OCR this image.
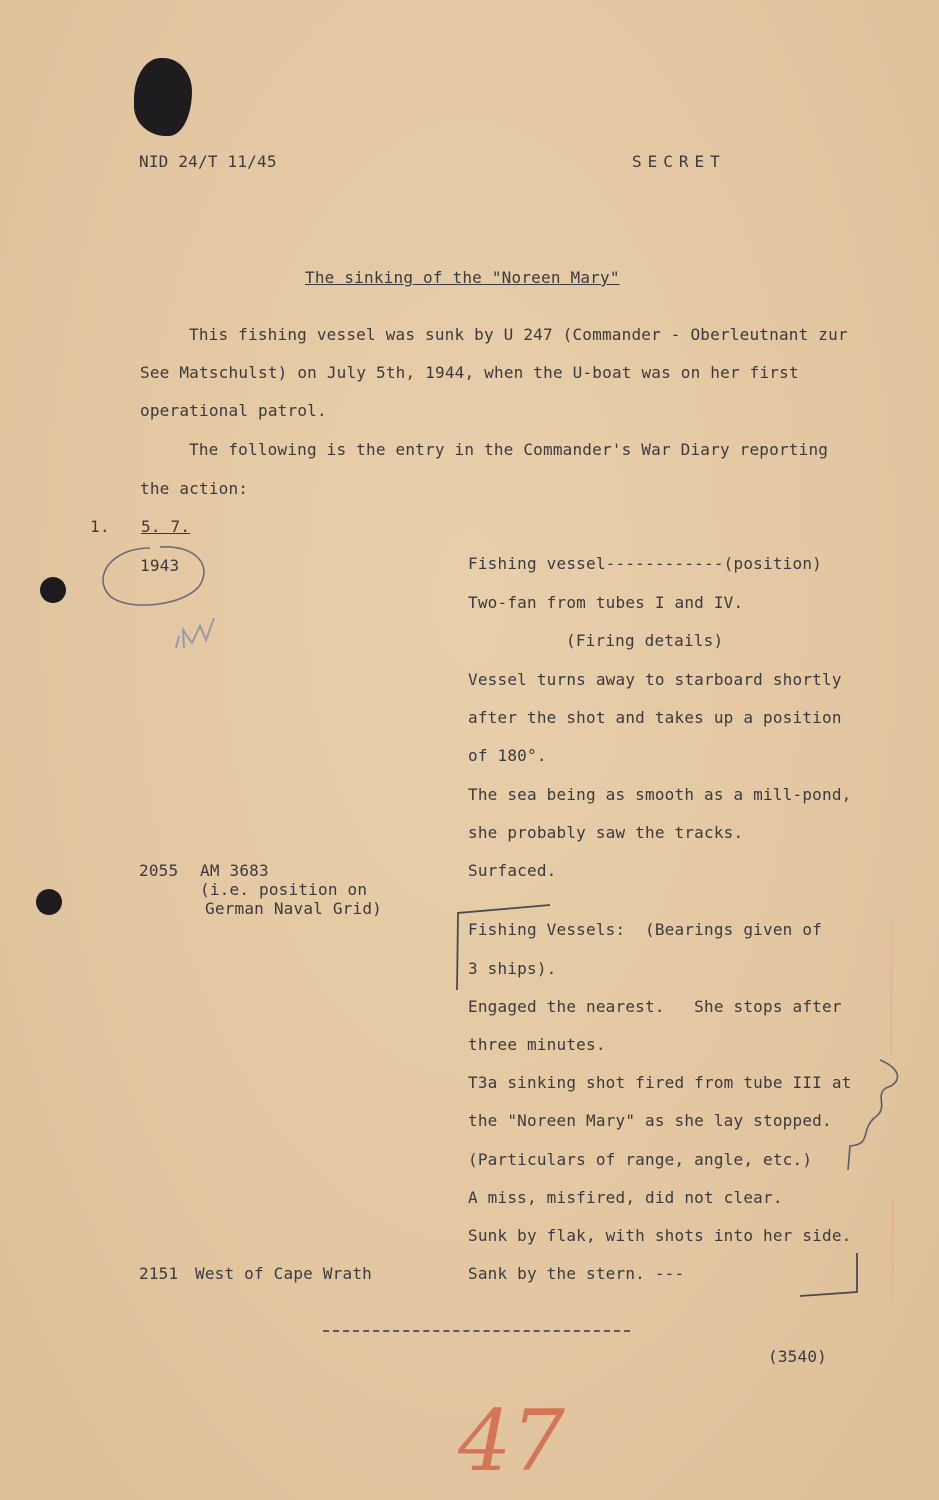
NID 24/T 11/45	SECRET
The sinking of the "Noreen Mary"
This fishing vessel was sunk by U 247 (Commander - Oberleutnant zur
See Matschulst) on July 5th, 1944, when the U-boat was on her first
operational patrol.
The following is the entry in the Commander's War Diary reporting
the action:
1. 5. 7.
1943
2055 AM 3683
(i.e. position on
German Naval Grid)
2151 West of Cape Wrath
Fishing vessel------------(position)
Two-fan from tubes I and IV.
(Firing details)
Vessel turns away to starboard shortly
after the shot and takes up a position
of 180°.
The sea being as smooth as a mill-pond,
she probably saw the tracks.
Surfaced.
Fishing Vessels:  (Bearings given of
3 ships).
Engaged the nearest.   She stops after
three minutes.
T3a sinking shot fired from tube III at
the "Noreen Mary" as she lay stopped.
(Particulars of range, angle, etc.)
A miss, misfired, did not clear.
Sunk by flak, with shots into her side.
Sank by the stern. ---
(3540)
47
